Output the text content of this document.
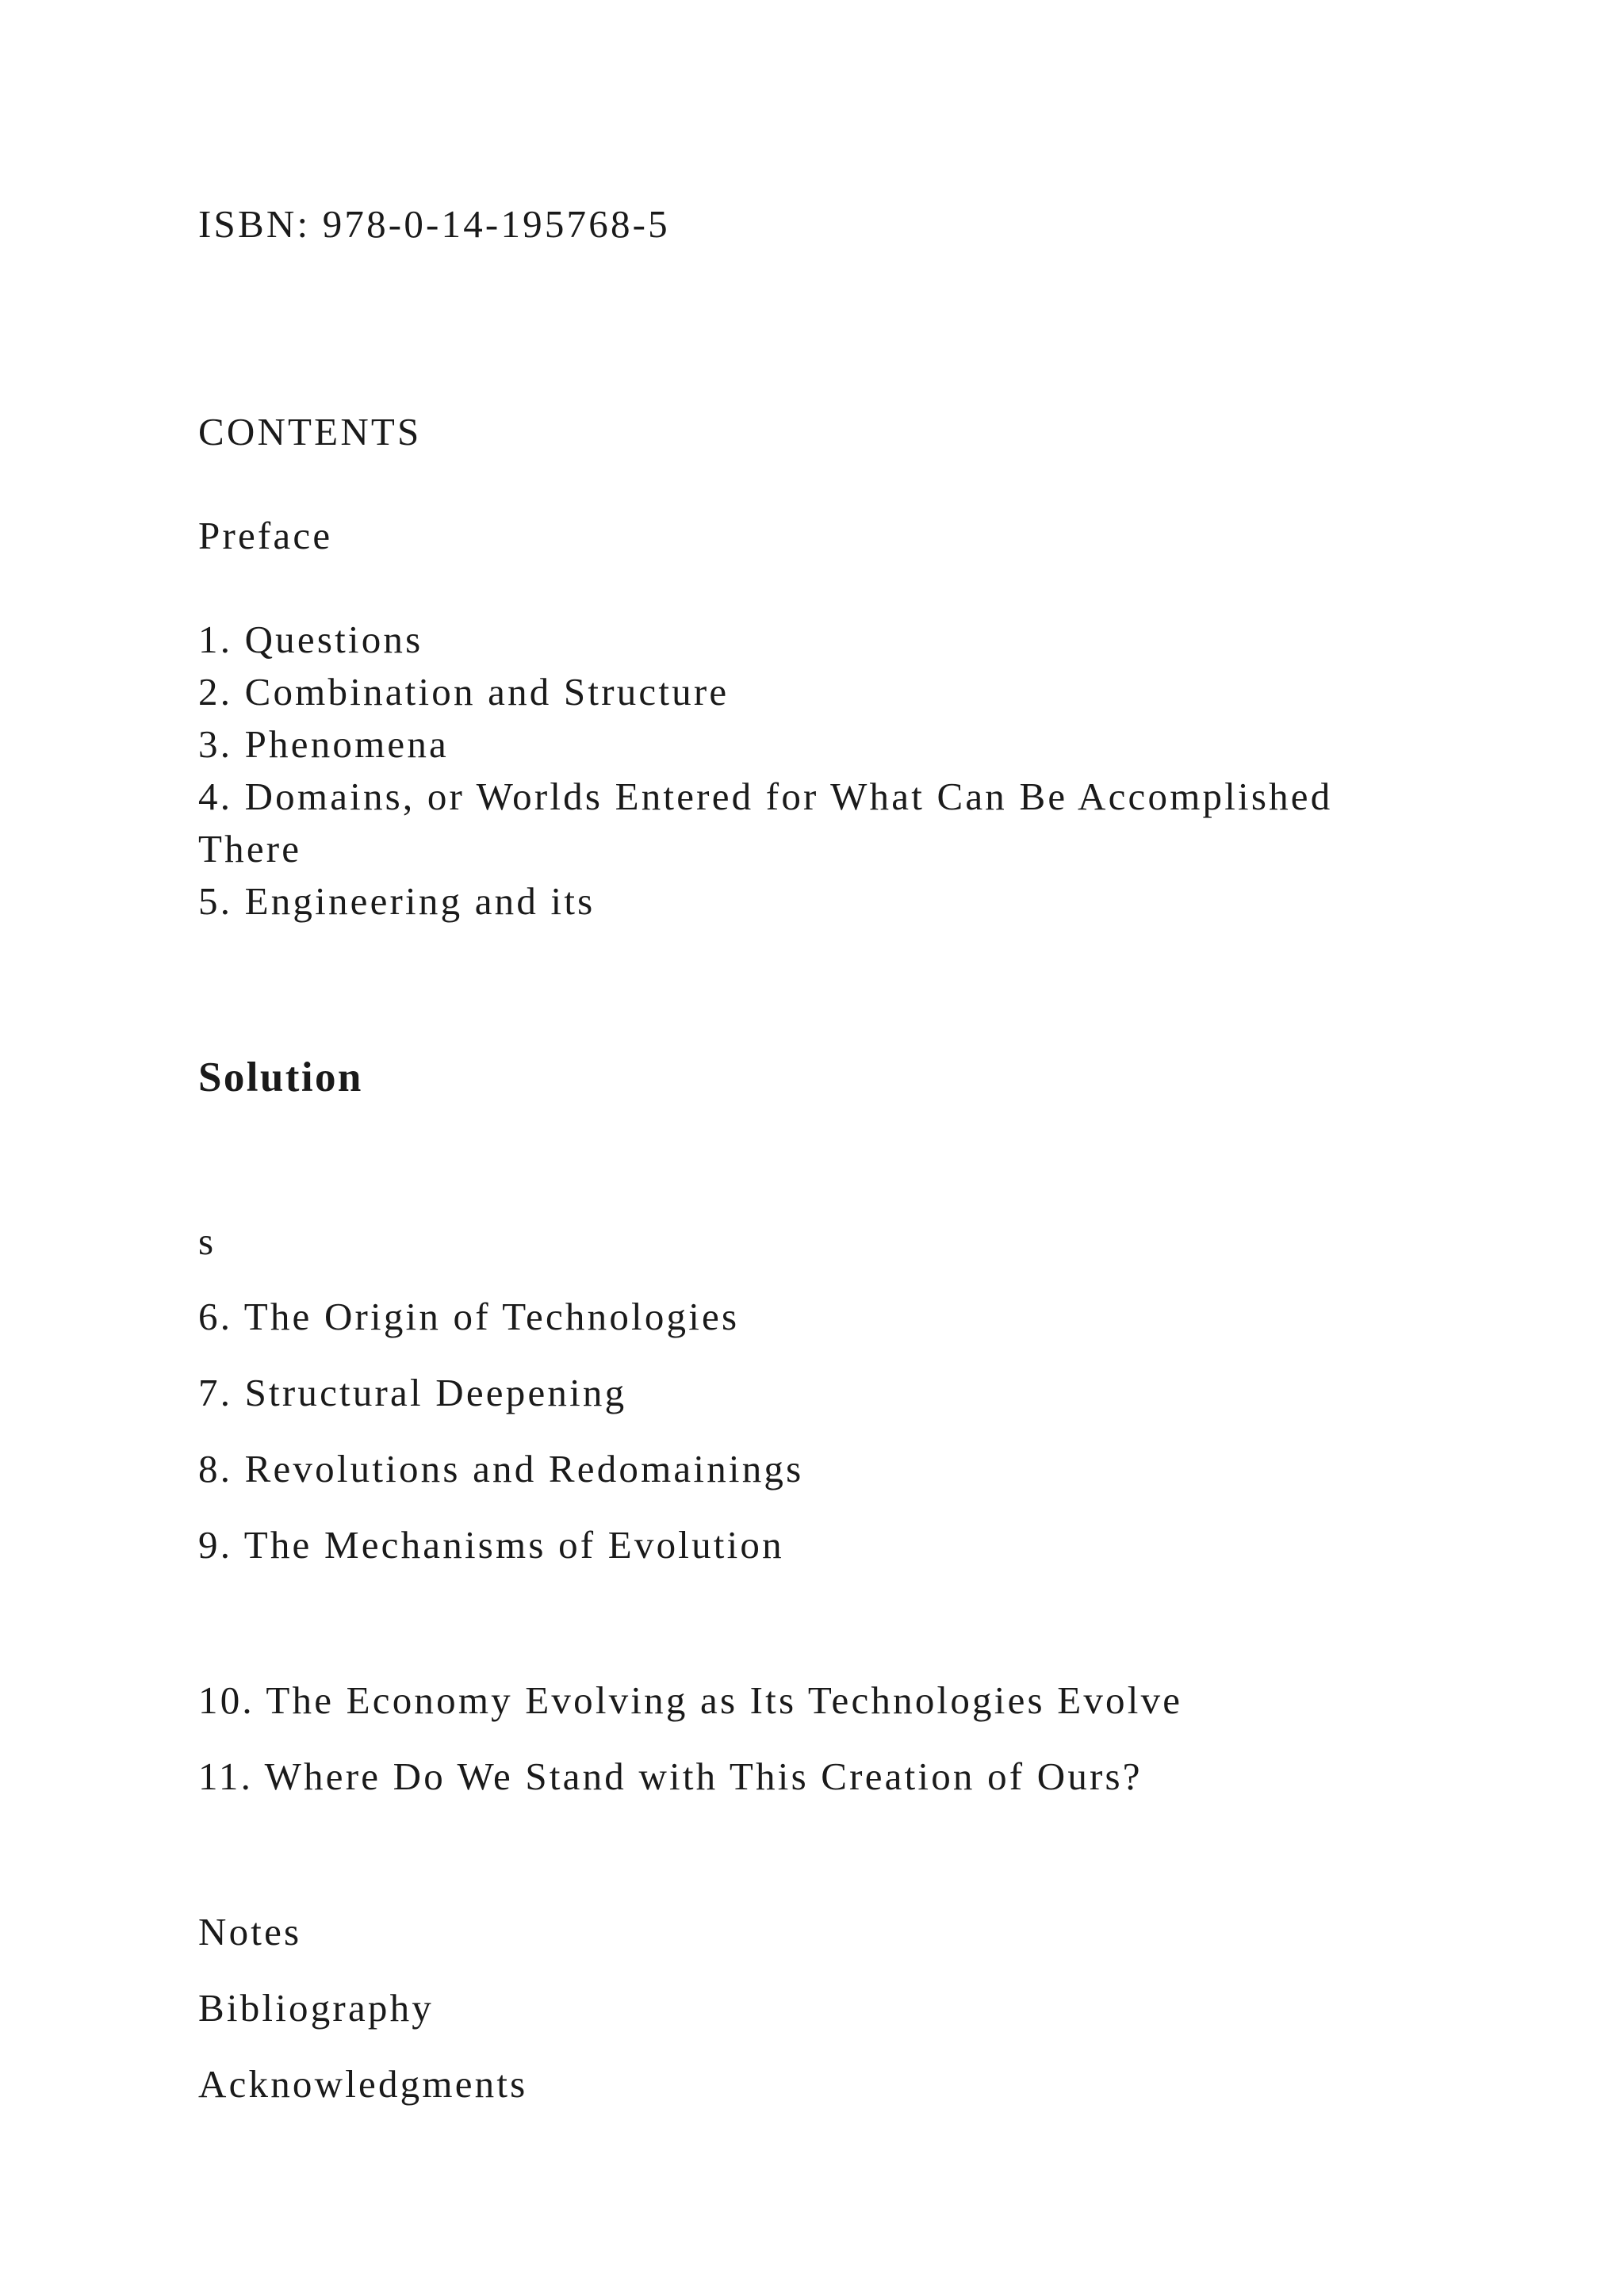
ISBN: 978-0-14-195768-5

CONTENTS

Preface

1. Questions

2. Combination and Structure

3. Phenomena

4. Domains, or Worlds Entered for What Can Be Accomplished

There

5. Engineering and its

Solution

s

6. The Origin of Technologies

7. Structural Deepening

8. Revolutions and Redomainings

9. The Mechanisms of Evolution

10. The Economy Evolving as Its Technologies Evolve

11. Where Do We Stand with This Creation of Ours?

Notes

Bibliography

Acknowledgments
